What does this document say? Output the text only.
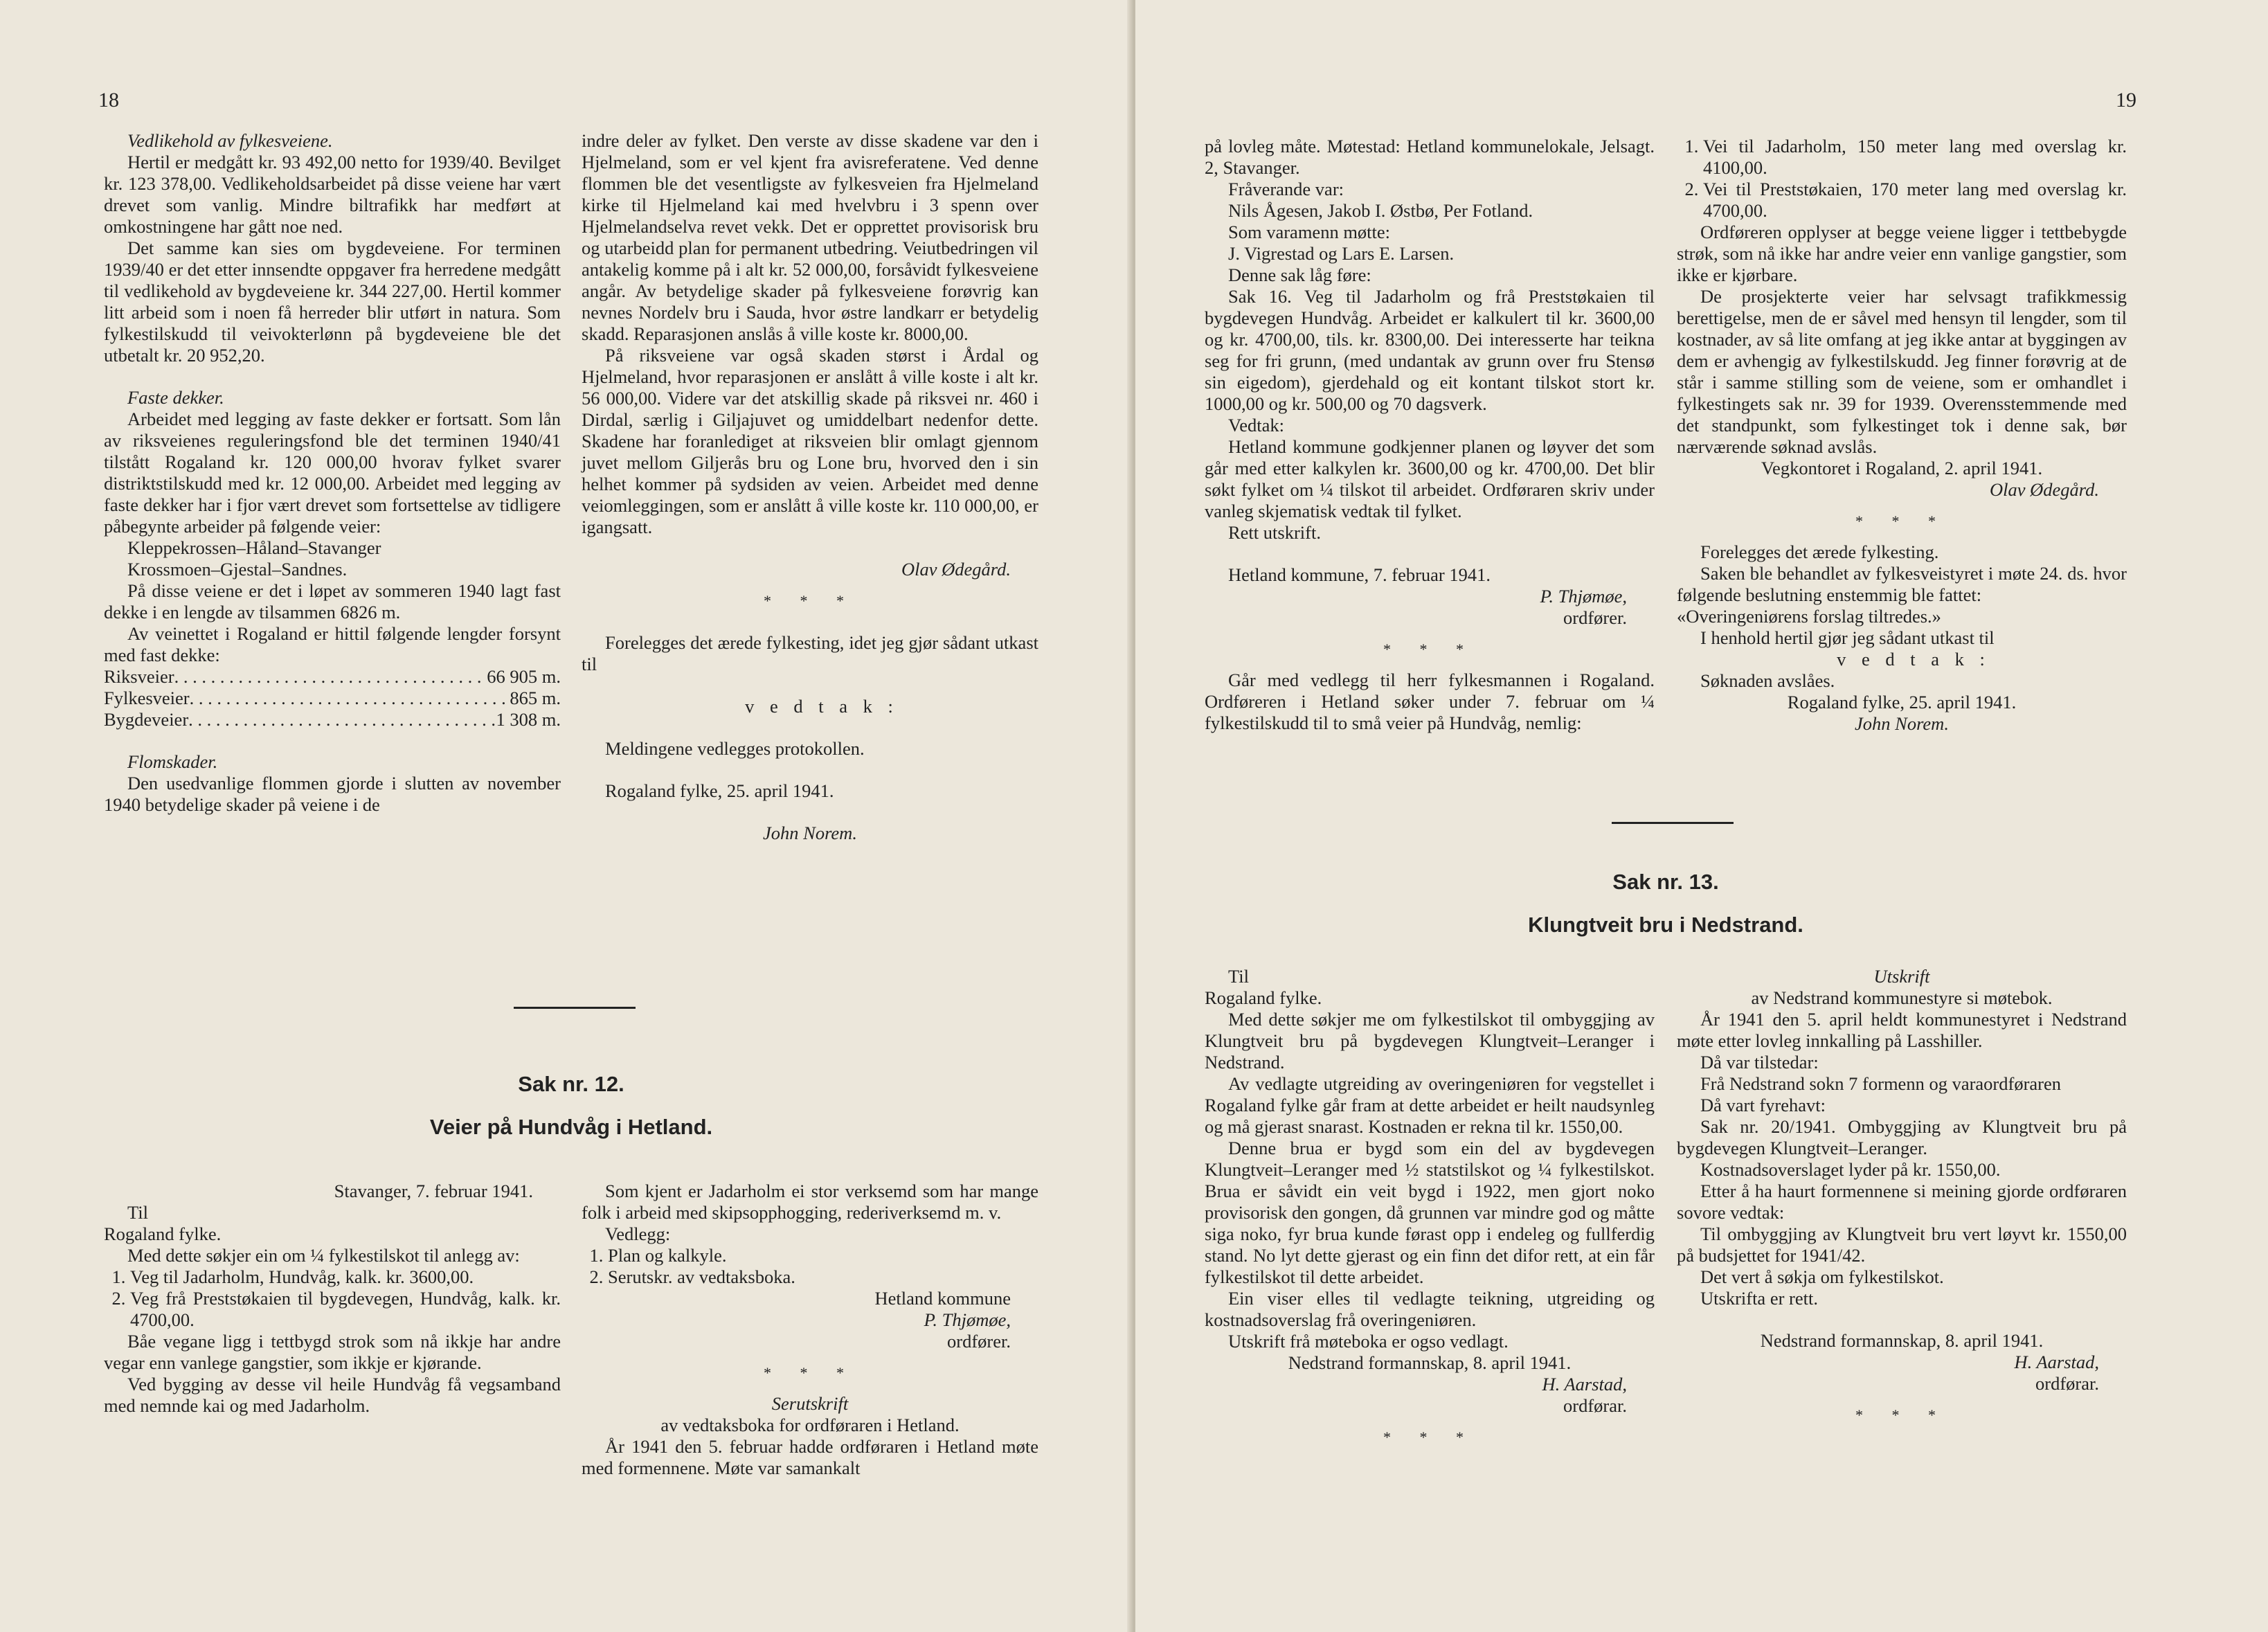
18

Vedlikehold av fylkesveiene.

Hertil er medgått kr. 93 492,00 netto for 1939/40. Bevilget kr. 123 378,00. Vedlikeholdsarbeidet på disse veiene har vært drevet som vanlig. Mindre biltrafikk har medført at omkostningene har gått noe ned.

Det samme kan sies om bygdeveiene. For terminen 1939/40 er det etter innsendte oppgaver fra herredene medgått til vedlikehold av bygdeveiene kr. 344 227,00. Hertil kommer litt arbeid som i noen få herreder blir utført in natura. Som fylkestilskudd til veivokterlønn på bygdeveiene ble det utbetalt kr. 20 952,20.

Faste dekker.

Arbeidet med legging av faste dekker er fortsatt. Som lån av riksveienes reguleringsfond ble det terminen 1940/41 tilstått Rogaland kr. 120 000,00 hvorav fylket svarer distriktstilskudd med kr. 12 000,00. Arbeidet med legging av faste dekker har i fjor vært drevet som fortsettelse av tidligere påbegynte arbeider på følgende veier:

Kleppekrossen–Håland–Stavanger

Krossmoen–Gjestal–Sandnes.

På disse veiene er det i løpet av sommeren 1940 lagt fast dekke i en lengde av tilsammen 6826 m.

Av veinettet i Rogaland er hittil følgende lengder forsynt med fast dekke:

Riksveier . . .	66 905 m.
Fylkesveier . . .	865 m.
Bygdeveier . . .	1 308 m.

Flomskader.

Den usedvanlige flommen gjorde i slutten av november 1940 betydelige skader på veiene i de

indre deler av fylket. Den verste av disse skadene var den i Hjelmeland, som er vel kjent fra avisreferatene. Ved denne flommen ble det vesentligste av fylkesveien fra Hjelmeland kirke til Hjelmeland kai med hvelvbru i 3 spenn over Hjelmelandselva revet vekk. Det er opprettet provisorisk bru og utarbeidd plan for permanent utbedring. Veiutbedringen vil antakelig komme på i alt kr. 52 000,00, forsåvidt fylkesveiene angår. Av betydelige skader på fylkesveiene forøvrig kan nevnes Nordelv bru i Sauda, hvor østre landkarr er betydelig skadd. Reparasjonen anslås å ville koste kr. 8000,00.

På riksveiene var også skaden størst i Årdal og Hjelmeland, hvor reparasjonen er anslått å ville koste i alt kr. 56 000,00. Videre var det atskillig skade på riksvei nr. 460 i Dirdal, særlig i Giljajuvet og umiddelbart nedenfor dette. Skadene har foranlediget at riksveien blir omlagt gjennom juvet mellom Giljerås bru og Lone bru, hvorved den i sin helhet kommer på sydsiden av veien. Arbeidet med denne veiomleggingen, som er anslått å ville koste kr. 110 000,00, er igangsatt.

Olav Ødegård.

* * *

Forelegges det ærede fylkesting, idet jeg gjør sådant utkast til

v e d t a k :

Meldingene vedlegges protokollen.

Rogaland fylke, 25. april 1941.

John Norem.

Sak nr. 12.
Veier på Hundvåg i Hetland.

Stavanger, 7. februar 1941.

Til

Rogaland fylke.

Med dette søkjer ein om ¼ fylkestilskot til anlegg av:

1. Veg til Jadarholm, Hundvåg, kalk. kr. 3600,00.
2. Veg frå Preststøkaien til bygdevegen, Hundvåg, kalk. kr. 4700,00.

Båe vegane ligg i tettbygd strok som nå ikkje har andre vegar enn vanlege gangstier, som ikkje er kjørande.

Ved bygging av desse vil heile Hundvåg få vegsamband med nemnde kai og med Jadarholm.

Som kjent er Jadarholm ei stor verksemd som har mange folk i arbeid med skipsopphogging, rederiverksemd m. v.

Vedlegg:

1. Plan og kalkyle.
2. Serutskr. av vedtaksboka.

Hetland kommune

P. Thjømøe,

ordfører.

* * *

Serutskrift

av vedtaksboka for ordføraren i Hetland.

År 1941 den 5. februar hadde ordføraren i Hetland møte med formennene. Møte var samankalt

19

på lovleg måte. Møtestad: Hetland kommunelokale, Jelsagt. 2, Stavanger.

Fråverande var:

Nils Ågesen, Jakob I. Østbø, Per Fotland.

Som varamenn møtte:

J. Vigrestad og Lars E. Larsen.

Denne sak låg føre:

Sak 16. Veg til Jadarholm og frå Preststøkaien til bygdevegen Hundvåg. Arbeidet er kalkulert til kr. 3600,00 og kr. 4700,00, tils. kr. 8300,00. Dei interesserte har teikna seg for fri grunn, (med undantak av grunn over fru Stensø sin eigedom), gjerdehald og eit kontant tilskot stort kr. 1000,00 og kr. 500,00 og 70 dagsverk.

Vedtak:

Hetland kommune godkjenner planen og løyver det som går med etter kalkylen kr. 3600,00 og kr. 4700,00. Det blir søkt fylket om ¼ tilskot til arbeidet. Ordføraren skriv under vanleg skjematisk vedtak til fylket.

Rett utskrift.

Hetland kommune, 7. februar 1941.

P. Thjømøe,

ordfører.

* * *

Går med vedlegg til herr fylkesmannen i Rogaland. Ordføreren i Hetland søker under 7. februar om ¼ fylkestilskudd til to små veier på Hundvåg, nemlig:

1. Vei til Jadarholm, 150 meter lang med overslag kr. 4100,00.
2. Vei til Preststøkaien, 170 meter lang med overslag kr. 4700,00.

Ordføreren opplyser at begge veiene ligger i tettbebygde strøk, som nå ikke har andre veier enn vanlige gangstier, som ikke er kjørbare.

De prosjekterte veier har selvsagt trafikkmessig berettigelse, men de er såvel med hensyn til lengder, som til kostnader, av så lite omfang at jeg ikke antar at byggingen av dem er avhengig av fylkestilskudd. Jeg finner forøvrig at de står i samme stilling som de veiene, som er omhandlet i fylkestingets sak nr. 39 for 1939. Overensstemmende med det standpunkt, som fylkestinget tok i denne sak, bør nærværende søknad avslås.

Vegkontoret i Rogaland, 2. april 1941.

Olav Ødegård.

* * *

Forelegges det ærede fylkesting.

Saken ble behandlet av fylkesveistyret i møte 24. ds. hvor følgende beslutning enstemmig ble fattet:

«Overingeniørens forslag tiltredes.»

I henhold hertil gjør jeg sådant utkast til

v e d t a k :

Søknaden avslåes.

Rogaland fylke, 25. april 1941.

John Norem.

Sak nr. 13.
Klungtveit bru i Nedstrand.

Til

Rogaland fylke.

Med dette søkjer me om fylkestilskot til ombyggjing av Klungtveit bru på bygdevegen Klungtveit–Leranger i Nedstrand.

Av vedlagte utgreiding av overingeniøren for vegstellet i Rogaland fylke går fram at dette arbeidet er heilt naudsynleg og må gjerast snarast. Kostnaden er rekna til kr. 1550,00.

Denne brua er bygd som ein del av bygdevegen Klungtveit–Leranger med ½ statstilskot og ¼ fylkestilskot. Brua er såvidt ein veit bygd i 1922, men gjort noko provisorisk den gongen, då grunnen var mindre god og måtte siga noko, fyr brua kunde førast opp i endeleg og fullferdig stand. No lyt dette gjerast og ein finn det difor rett, at ein får fylkestilskot til dette arbeidet.

Ein viser elles til vedlagte teikning, utgreiding og kostnadsoverslag frå overingeniøren.

Utskrift frå møteboka er ogso vedlagt.

Nedstrand formannskap, 8. april 1941.

H. Aarstad,

ordførar.

* * *

Utskrift

av Nedstrand kommunestyre si møtebok.

År 1941 den 5. april heldt kommunestyret i Nedstrand møte etter lovleg innkalling på Lasshiller.

Då var tilstedar:

Frå Nedstrand sokn 7 formenn og varaordføraren

Då vart fyrehavt:

Sak nr. 20/1941. Ombyggjing av Klungtveit bru på bygdevegen Klungtveit–Leranger.

Kostnadsoverslaget lyder på kr. 1550,00.

Etter å ha haurt formennene si meining gjorde ordføraren sovore vedtak:

Til ombyggjing av Klungtveit bru vert løyvt kr. 1550,00 på budsjettet for 1941/42.

Det vert å søkja om fylkestilskot.

Utskrifta er rett.

Nedstrand formannskap, 8. april 1941.

H. Aarstad,

ordførar.

* * *
